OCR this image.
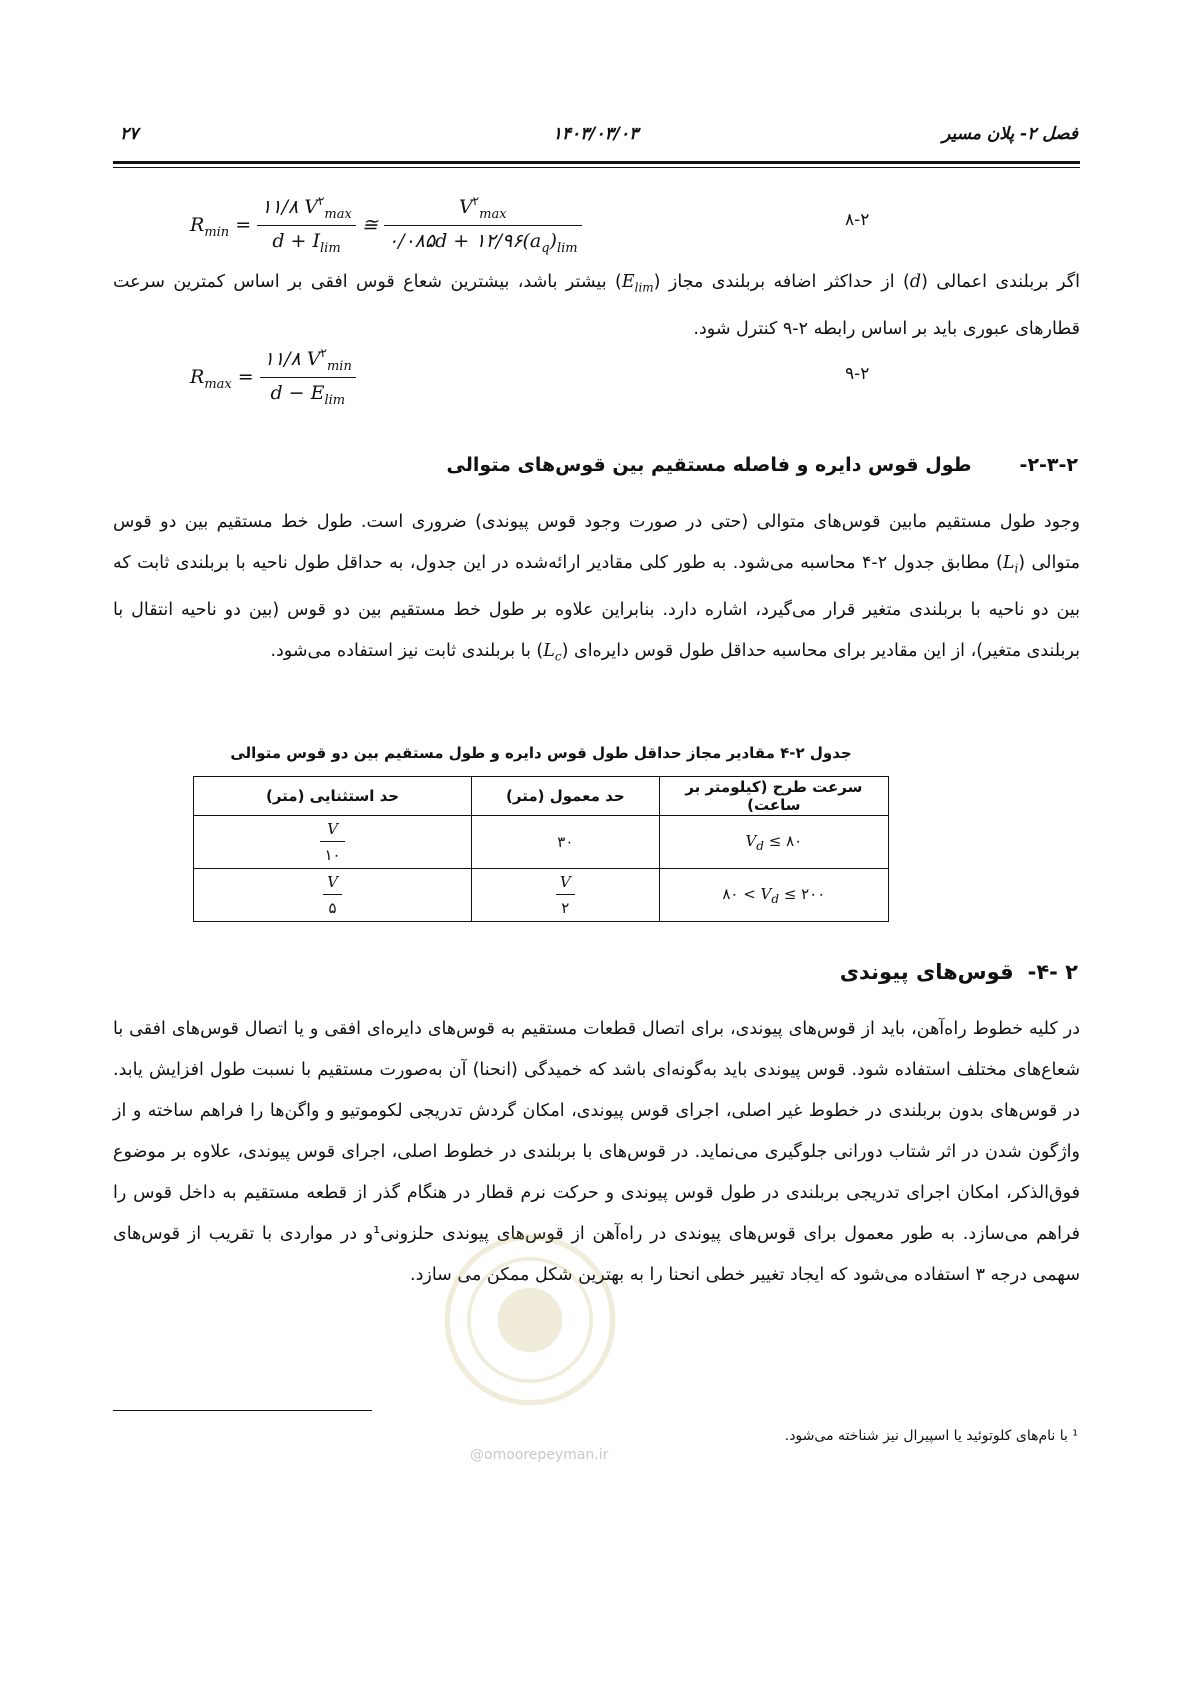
فصل ۲- پلان مسیر
۱۴۰۳/۰۳/۰۳
۲۷
$R_{min} = \frac{۱۱/۸ V^۲_{max}}{d + I_{lim}}$ ≅ $\frac{V^۲_{max}}{۰/۰۸۵d + ۱۲/۹۶(a_q)_{lim}}$	۸-۲

اگر بربلندی اعمالی (d) از حداکثر اضافه بربلندی مجاز $(E_{lim})$ بیشتر باشد، بیشترین شعاع قوس افقی بر اساس کمترین سرعت قطارهای عبوری باید بر اساس رابطه ۲-۹ کنترل شود.

$R_{max} = \frac{۱۱/۸ V^۲_{min}}{d - E_{lim}}$	۹-۲
۲-۳-۲-طول قوس دایره و فاصله مستقیم بین قوس‌های متوالی

وجود طول مستقیم مابین قوس‌های متوالی (حتی در صورت وجود قوس پیوندی) ضروری است. طول خط مستقیم بین دو قوس متوالی $(L_i)$ مطابق جدول ۲-۴ محاسبه می‌شود. به طور کلی مقادیر ارائه‌شده در این جدول، به حداقل طول ناحیه با بربلندی ثابت که بین دو ناحیه با بربلندی متغیر قرار می‌گیرد، اشاره دارد. بنابراین علاوه بر طول خط مستقیم بین دو قوس (بین دو ناحیه انتقال با بربلندی متغیر)، از این مقادیر برای محاسبه حداقل طول قوس دایره‌ای $(L_c)$ با بربلندی ثابت نیز استفاده می‌شود.

جدول ۲-۴ مقادیر مجاز حداقل طول قوس دایره و طول مستقیم بین دو قوس متوالی
سرعت طرح (کیلومتر بر ساعت)	حد معمول (متر)	حد استثنایی (متر)
$V_d$ ≤ ۸۰	۳۰	$\frac{V}{۱۰}$

۸۰ < $V_d$ ≤ ۲۰۰	$\frac{V}{۲}$	$\frac{V}{۵}$
۲ -۴-قوس‌های پیوندی

در کلیه خطوط راه‌آهن، باید از قوس‌های پیوندی، برای اتصال قطعات مستقیم به قوس‌های دایره‌ای افقی و یا اتصال قوس‌های افقی با شعاع‌های مختلف استفاده شود. قوس پیوندی باید به‌گونه‌ای باشد که خمیدگی (انحنا) آن به‌صورت مستقیم با نسبت طول افزایش یابد. در قوس‌های بدون بربلندی در خطوط غیر اصلی، اجرای قوس پیوندی، امکان گردش تدریجی لکوموتیو و واگن‌ها را فراهم ساخته و از واژگون شدن در اثر شتاب دورانی جلوگیری می‌نماید. در قوس‌های با بربلندی در خطوط اصلی، اجرای قوس پیوندی، علاوه بر موضوع فوق‌الذکر، امکان اجرای تدریجی بربلندی در طول قوس پیوندی و حرکت نرم قطار در هنگام گذر از قطعه مستقیم به داخل قوس را فراهم می‌سازد. به طور معمول برای قوس‌های پیوندی در راه‌آهن از قوس‌های پیوندی حلزونی¹و در مواردی با تقریب از قوس‌های سهمی درجه ۳ استفاده می‌شود که ایجاد تغییر خطی انحنا را به بهترین شکل ممکن می سازد.

@omoorepeyman.ir
¹ با نام‌های کلوتوئید یا اسپیرال نیز شناخته می‌شود.
